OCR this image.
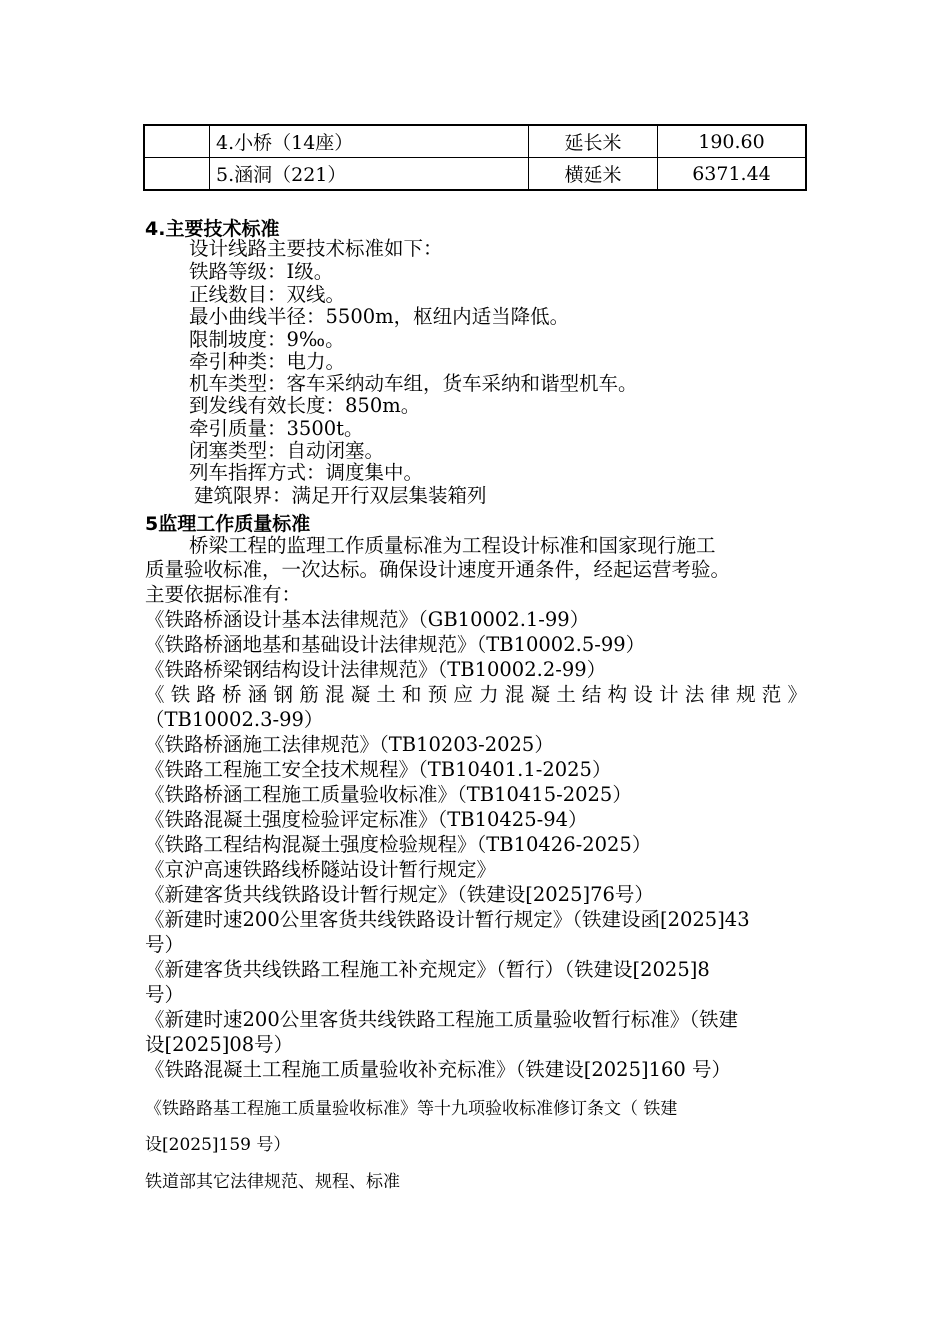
	4.小桥（14座）	延长米	190.60
	5.涵洞（221）	横延米	6371.44
4.主要技术标准
设计线路主要技术标准如下：
铁路等级：Ⅰ级。
正线数目：双线。
最小曲线半径：5500m，枢纽内适当降低。
限制坡度：9‰。
牵引种类：电力。
机车类型：客车采纳动车组，货车采纳和谐型机车。
到发线有效长度：850m。
牵引质量：3500t。
闭塞类型：自动闭塞。
列车指挥方式：调度集中。
建筑限界：满足开行双层集装箱列
5监理工作质量标准
桥梁工程的监理工作质量标准为工程设计标准和国家现行施工
质量验收标准，一次达标。确保设计速度开通条件，经起运营考验。
主要依据标准有：
《铁路桥涵设计基本法律规范》（GB10002.1-99）
《铁路桥涵地基和基础设计法律规范》（TB10002.5-99）
《铁路桥梁钢结构设计法律规范》（TB10002.2-99）
《铁路桥涵钢筋混凝土和预应力混凝土结构设计法律规范》
（TB10002.3-99）
《铁路桥涵施工法律规范》（TB10203-2025）
《铁路工程施工安全技术规程》（TB10401.1-2025）
《铁路桥涵工程施工质量验收标准》（TB10415-2025）
《铁路混凝土强度检验评定标准》（TB10425-94）
《铁路工程结构混凝土强度检验规程》（TB10426-2025）
《京沪高速铁路线桥隧站设计暂行规定》
《新建客货共线铁路设计暂行规定》（铁建设[2025]76号）
《新建时速200公里客货共线铁路设计暂行规定》（铁建设函[2025]43
号）
《新建客货共线铁路工程施工补充规定》（暂行）（铁建设[2025]8
号）
《新建时速200公里客货共线铁路工程施工质量验收暂行标准》（铁建
设[2025]08号）
《铁路混凝土工程施工质量验收补充标准》（铁建设[2025]160 号）
《铁路路基工程施工质量验收标准》等十九项验收标准修订条文（ 铁建
设[2025]159 号）
铁道部其它法律规范、规程、标准
